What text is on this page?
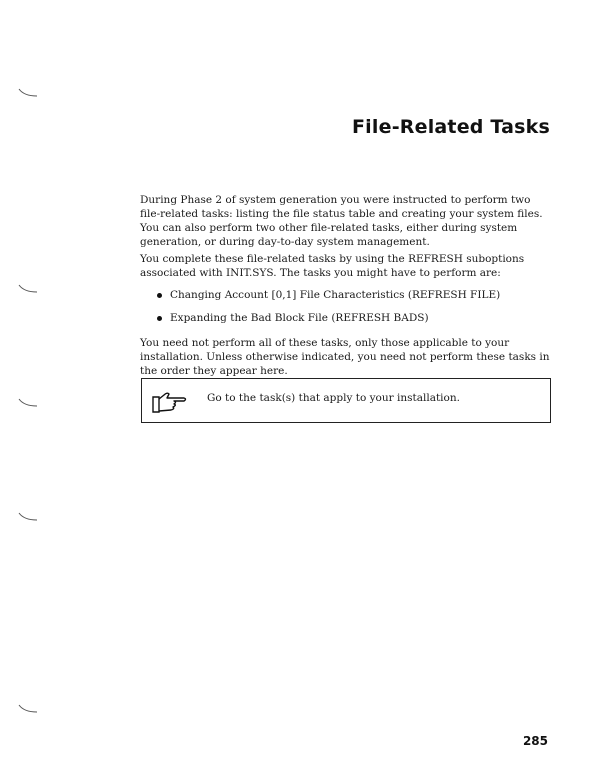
File-Related Tasks

During Phase 2 of system generation you were instructed to perform two file-related tasks: listing the file status table and creating your system files. You can also perform two other file-related tasks, either during system generation, or during day-to-day system management.

You complete these file-related tasks by using the REFRESH suboptions associated with INIT.SYS. The tasks you might have to perform are:

Changing Account [0,1] File Characteristics (REFRESH FILE)
Expanding the Bad Block File (REFRESH BADS)

You need not perform all of these tasks, only those applicable to your installation. Unless otherwise indicated, you need not perform these tasks in the order they appear here.

Go to the task(s) that apply to your installation.
285
